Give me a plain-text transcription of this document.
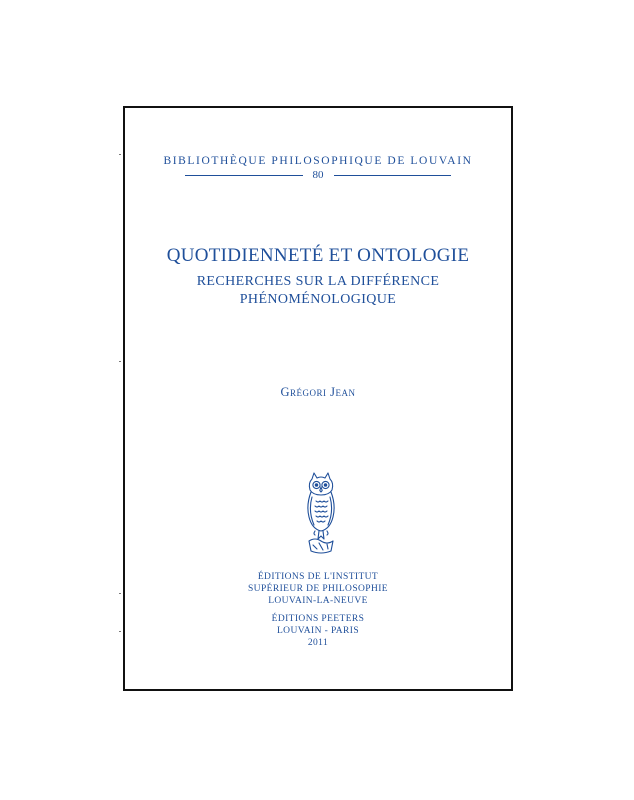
BIBLIOTHÈQUE PHILOSOPHIQUE DE LOUVAIN
80
QUOTIDIENNETÉ ET ONTOLOGIE
RECHERCHES SUR LA DIFFÉRENCE
PHÉNOMÉNOLOGIQUE
Grégori Jean
ÉDITIONS DE L'INSTITUT
SUPÉRIEUR DE PHILOSOPHIE
LOUVAIN-LA-NEUVE
ÉDITIONS PEETERS
LOUVAIN - PARIS
2011
